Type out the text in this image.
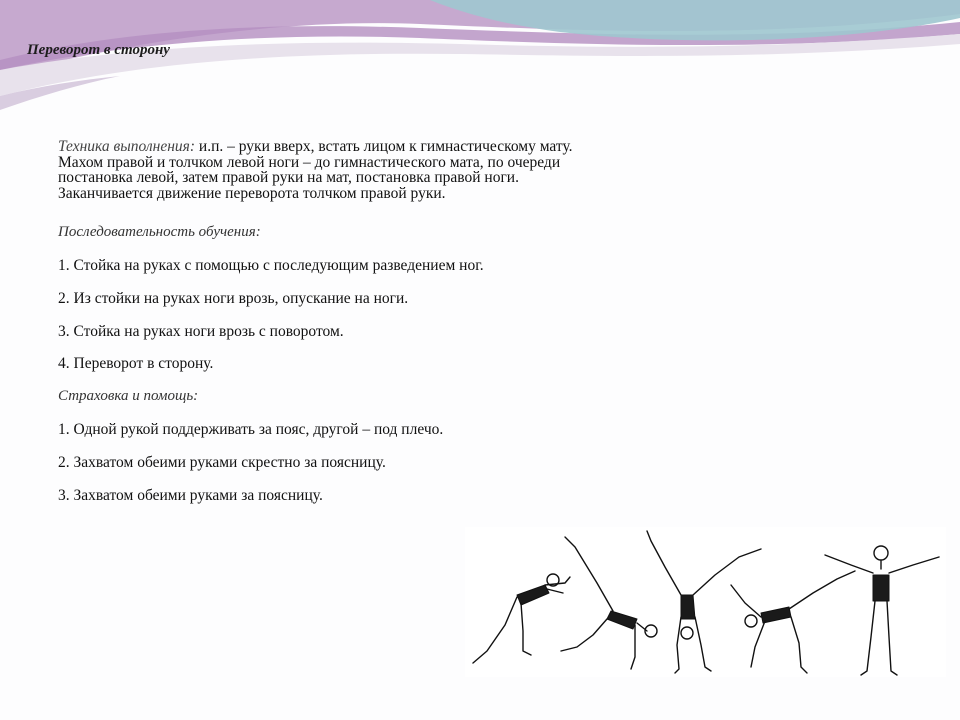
Переворот в сторону
Техника выполнения: и.п. – руки вверх, встать лицом к гимнастическому мату.
Махом правой и толчком левой ноги – до гимнастического мата, по очереди
постановка левой, затем правой руки на мат, постановка правой ноги.
Заканчивается движение переворота толчком правой руки.
Последовательность обучения:
1. Стойка на руках с помощью с последующим разведением ног.
2. Из стойки на руках ноги врозь, опускание на ноги.
3. Стойка на руках ноги врозь с поворотом.
4. Переворот в сторону.
Страховка и помощь:
1. Одной рукой поддерживать за пояс, другой – под плечо.
2. Захватом обеими руками скрестно за поясницу.
3. Захватом обеими руками за поясницу.
